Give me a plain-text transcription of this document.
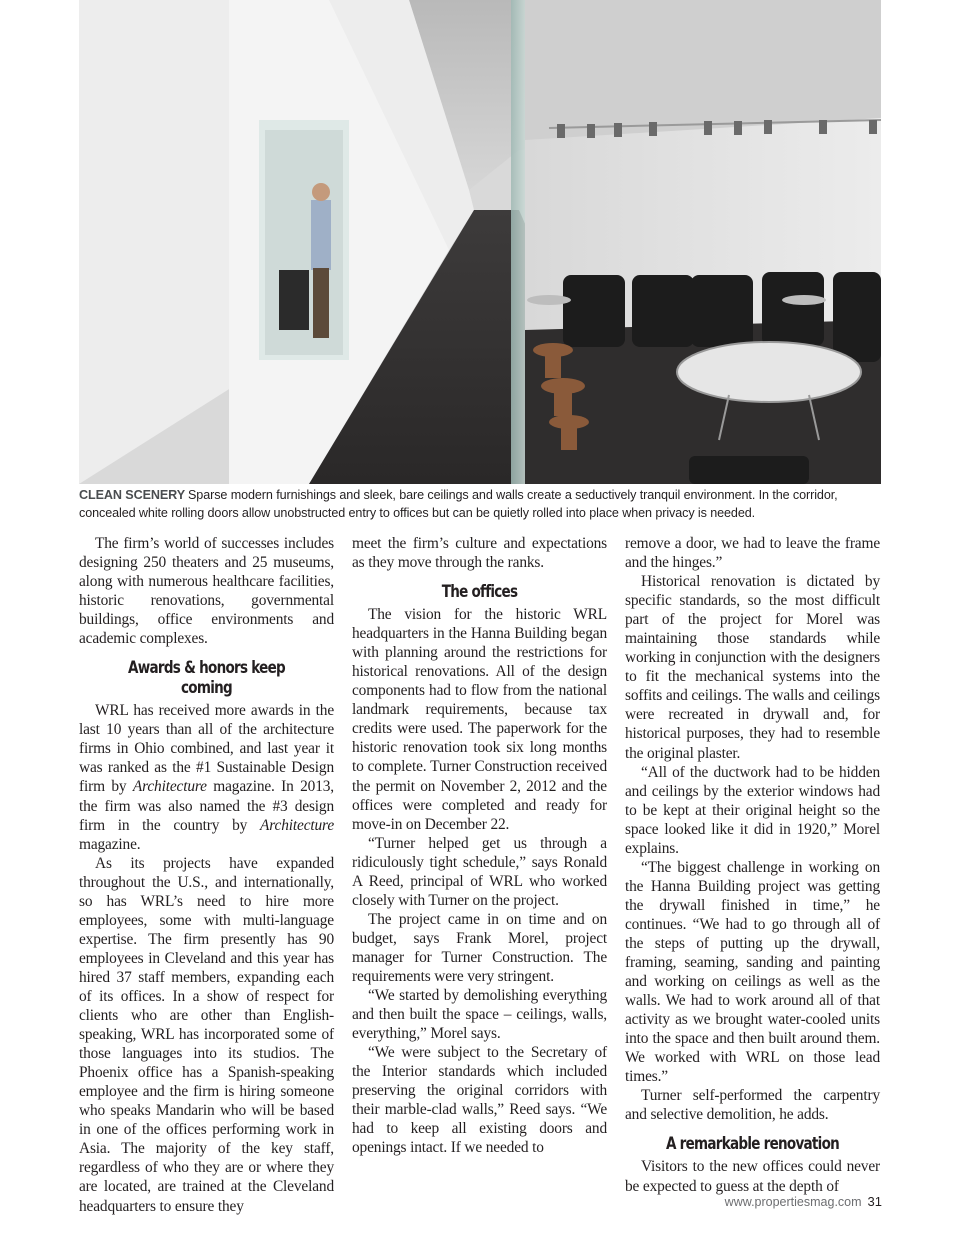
CLEAN SCENERY Sparse modern furnishings and sleek, bare ceilings and walls create a seductively tranquil environment. In the corridor, concealed white rolling doors allow unobstructed entry to offices but can be quietly rolled into place when privacy is needed.

The firm’s world of successes includes designing 250 theaters and 25 museums, along with numerous healthcare facilities, historic renovations, governmental buildings, office environments and academic complexes.

Awards & honors keep coming

WRL has received more awards in the last 10 years than all of the architecture firms in Ohio combined, and last year it was ranked as the #1 Sustainable Design firm by Architecture magazine. In 2013, the firm was also named the #3 design firm in the country by Architecture magazine.

As its projects have expanded throughout the U.S., and internationally, so has WRL’s need to hire more employees, some with multi-language expertise. The firm presently has 90 employees in Cleveland and this year has hired 37 staff members, expanding each of its offices. In a show of respect for clients who are other than English-speaking, WRL has incorporated some of those languages into its studios. The Phoenix office has a Spanish-speaking employee and the firm is hiring someone who speaks Mandarin who will be based in one of the offices performing work in Asia. The majority of the key staff, regardless of who they are or where they are located, are trained at the Cleveland headquarters to ensure they

meet the firm’s culture and expectations as they move through the ranks.

The offices

The vision for the historic WRL headquarters in the Hanna Building began with planning around the restrictions for historical renovations. All of the design components had to flow from the national landmark requirements, because tax credits were used. The paperwork for the historic renovation took six long months to complete. Turner Construction received the permit on November 2, 2012 and the offices were completed and ready for move-in on December 22.

“Turner helped get us through a ridiculously tight schedule,” says Ronald A Reed, principal of WRL who worked closely with Turner on the project.

The project came in on time and on budget, says Frank Morel, project manager for Turner Construction. The requirements were very stringent.

“We started by demolishing everything and then built the space – ceilings, walls, everything,” Morel says.

“We were subject to the Secretary of the Interior standards which included preserving the original corridors with their marble-clad walls,” Reed says. “We had to keep all existing doors and openings intact. If we needed to

remove a door, we had to leave the frame and the hinges.”

Historical renovation is dictated by specific standards, so the most difficult part of the project for Morel was maintaining those standards while working in conjunction with the designers to fit the mechanical systems into the soffits and ceilings. The walls and ceilings were recreated in drywall and, for historical purposes, they had to resemble the original plaster.

“All of the ductwork had to be hidden and ceilings by the exterior windows had to be kept at their original height so the space looked like it did in 1920,” Morel explains.

“The biggest challenge in working on the Hanna Building project was getting the drywall finished in time,” he continues. “We had to go through all of the steps of putting up the drywall, framing, seaming, sanding and painting and working on ceilings as well as the walls. We had to work around all of that activity as we brought water-cooled units into the space and then built around them. We worked with WRL on those lead times.”

Turner self-performed the carpentry and selective demolition, he adds.

A remarkable renovation

Visitors to the new offices could never be expected to guess at the depth of

www.propertiesmag.com 31
